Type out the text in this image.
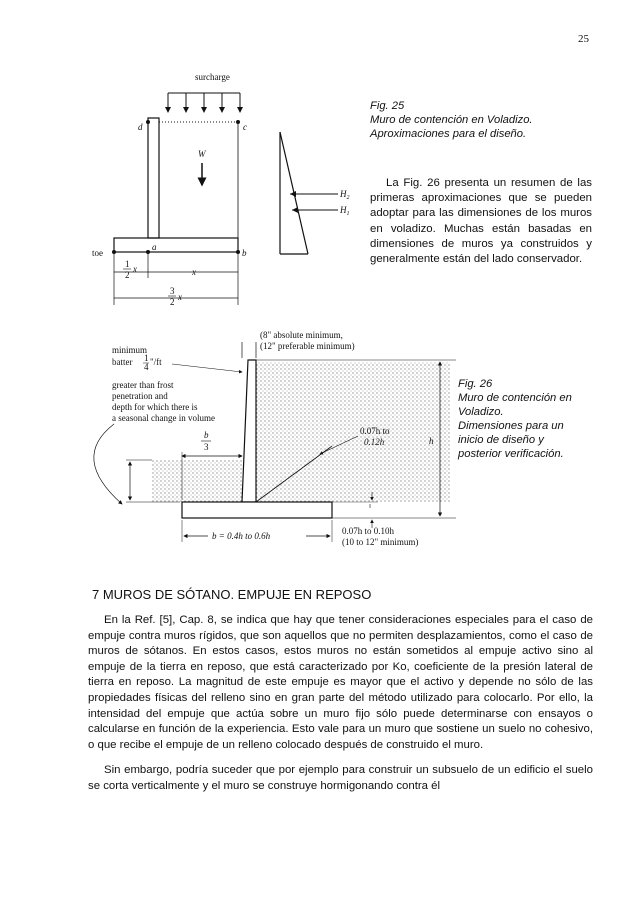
25
surcharge
d	c
W
toe
a
b
1
2
x	x
3
2 x
$H_2$
$H_1$
Fig. 25
Muro de contención en Voladizo.
Aproximaciones para el diseño.

La Fig. 26 presenta un resumen de las primeras aproximaciones que se pueden adoptar para las dimensiones de los muros en voladizo. Muchas están basadas en dimensiones de muros ya construidos y generalmente están del lado conservador.

(8" absolute minimum,
(12" preferable minimum)
minimum
batter 1
4 "/ft
greater than frost
penetration and
depth for which there is
a seasonal change in volume
b
3
0.07h to
0.12h	h
0.07h to 0.10h
(10 to 12" minimum)
b = 0.4h to 0.6h
Fig. 26
Muro de contención en
Voladizo.
Dimensiones para un
inicio de diseño y
posterior verificación.
7 MUROS DE SÓTANO. EMPUJE EN REPOSO

En la Ref. [5], Cap. 8, se indica que hay que tener consideraciones especiales para el caso de empuje contra muros rígidos, que son aquellos que no permiten desplazamientos, como el caso de muros de sótanos. En estos casos, estos muros no están sometidos al empuje activo sino al empuje de la tierra en reposo, que está caracterizado por Ko, coeficiente de la presión lateral de tierra en reposo. La magnitud de este empuje es mayor que el activo y depende no sólo de las propiedades físicas del relleno sino en gran parte del método utilizado para colocarlo. Por ello, la intensidad del empuje que actúa sobre un muro fijo sólo puede determinarse con ensayos o calcularse en función de la experiencia. Esto vale para un muro que sostiene un suelo no cohesivo, o que recibe el empuje de un relleno colocado después de construido el muro.

Sin embargo, podría suceder que por ejemplo para construir un subsuelo de un edificio el suelo se corta verticalmente y el muro se construye hormigonando contra él
